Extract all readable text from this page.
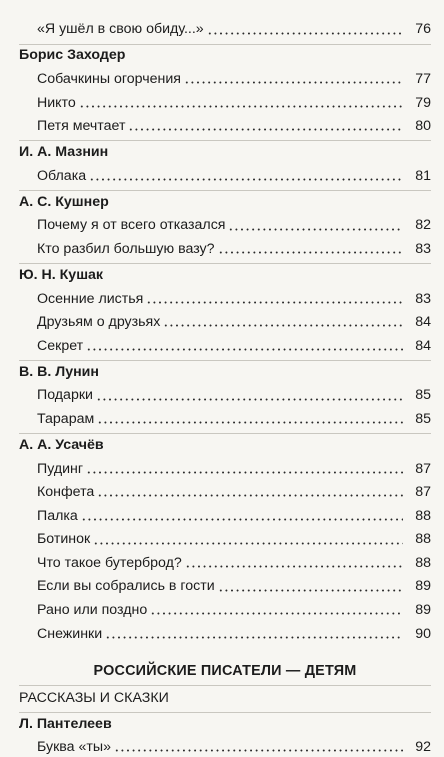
«Я ушёл в свою обиду...»	76
Борис Заходер
Собачкины огорчения	77
Никто	79
Петя мечтает	80
И. А. Мазнин
Облака	81
А. С. Кушнер
Почему я от всего отказался	82
Кто разбил большую вазу?	83
Ю. Н. Кушак
Осенние листья	83
Друзьям о друзьях	84
Секрет	84
В. В. Лунин
Подарки	85
Тарарам	85
А. А. Усачёв
Пудинг	87
Конфета	87
Палка	88
Ботинок	88
Что такое бутерброд?	88
Если вы собрались в гости	89
Рано или поздно	89
Снежинки	90
РОССИЙСКИЕ ПИСАТЕЛИ — ДЕТЯМ
РАССКАЗЫ И СКАЗКИ
Л. Пантелеев
Буква «ты»	92
